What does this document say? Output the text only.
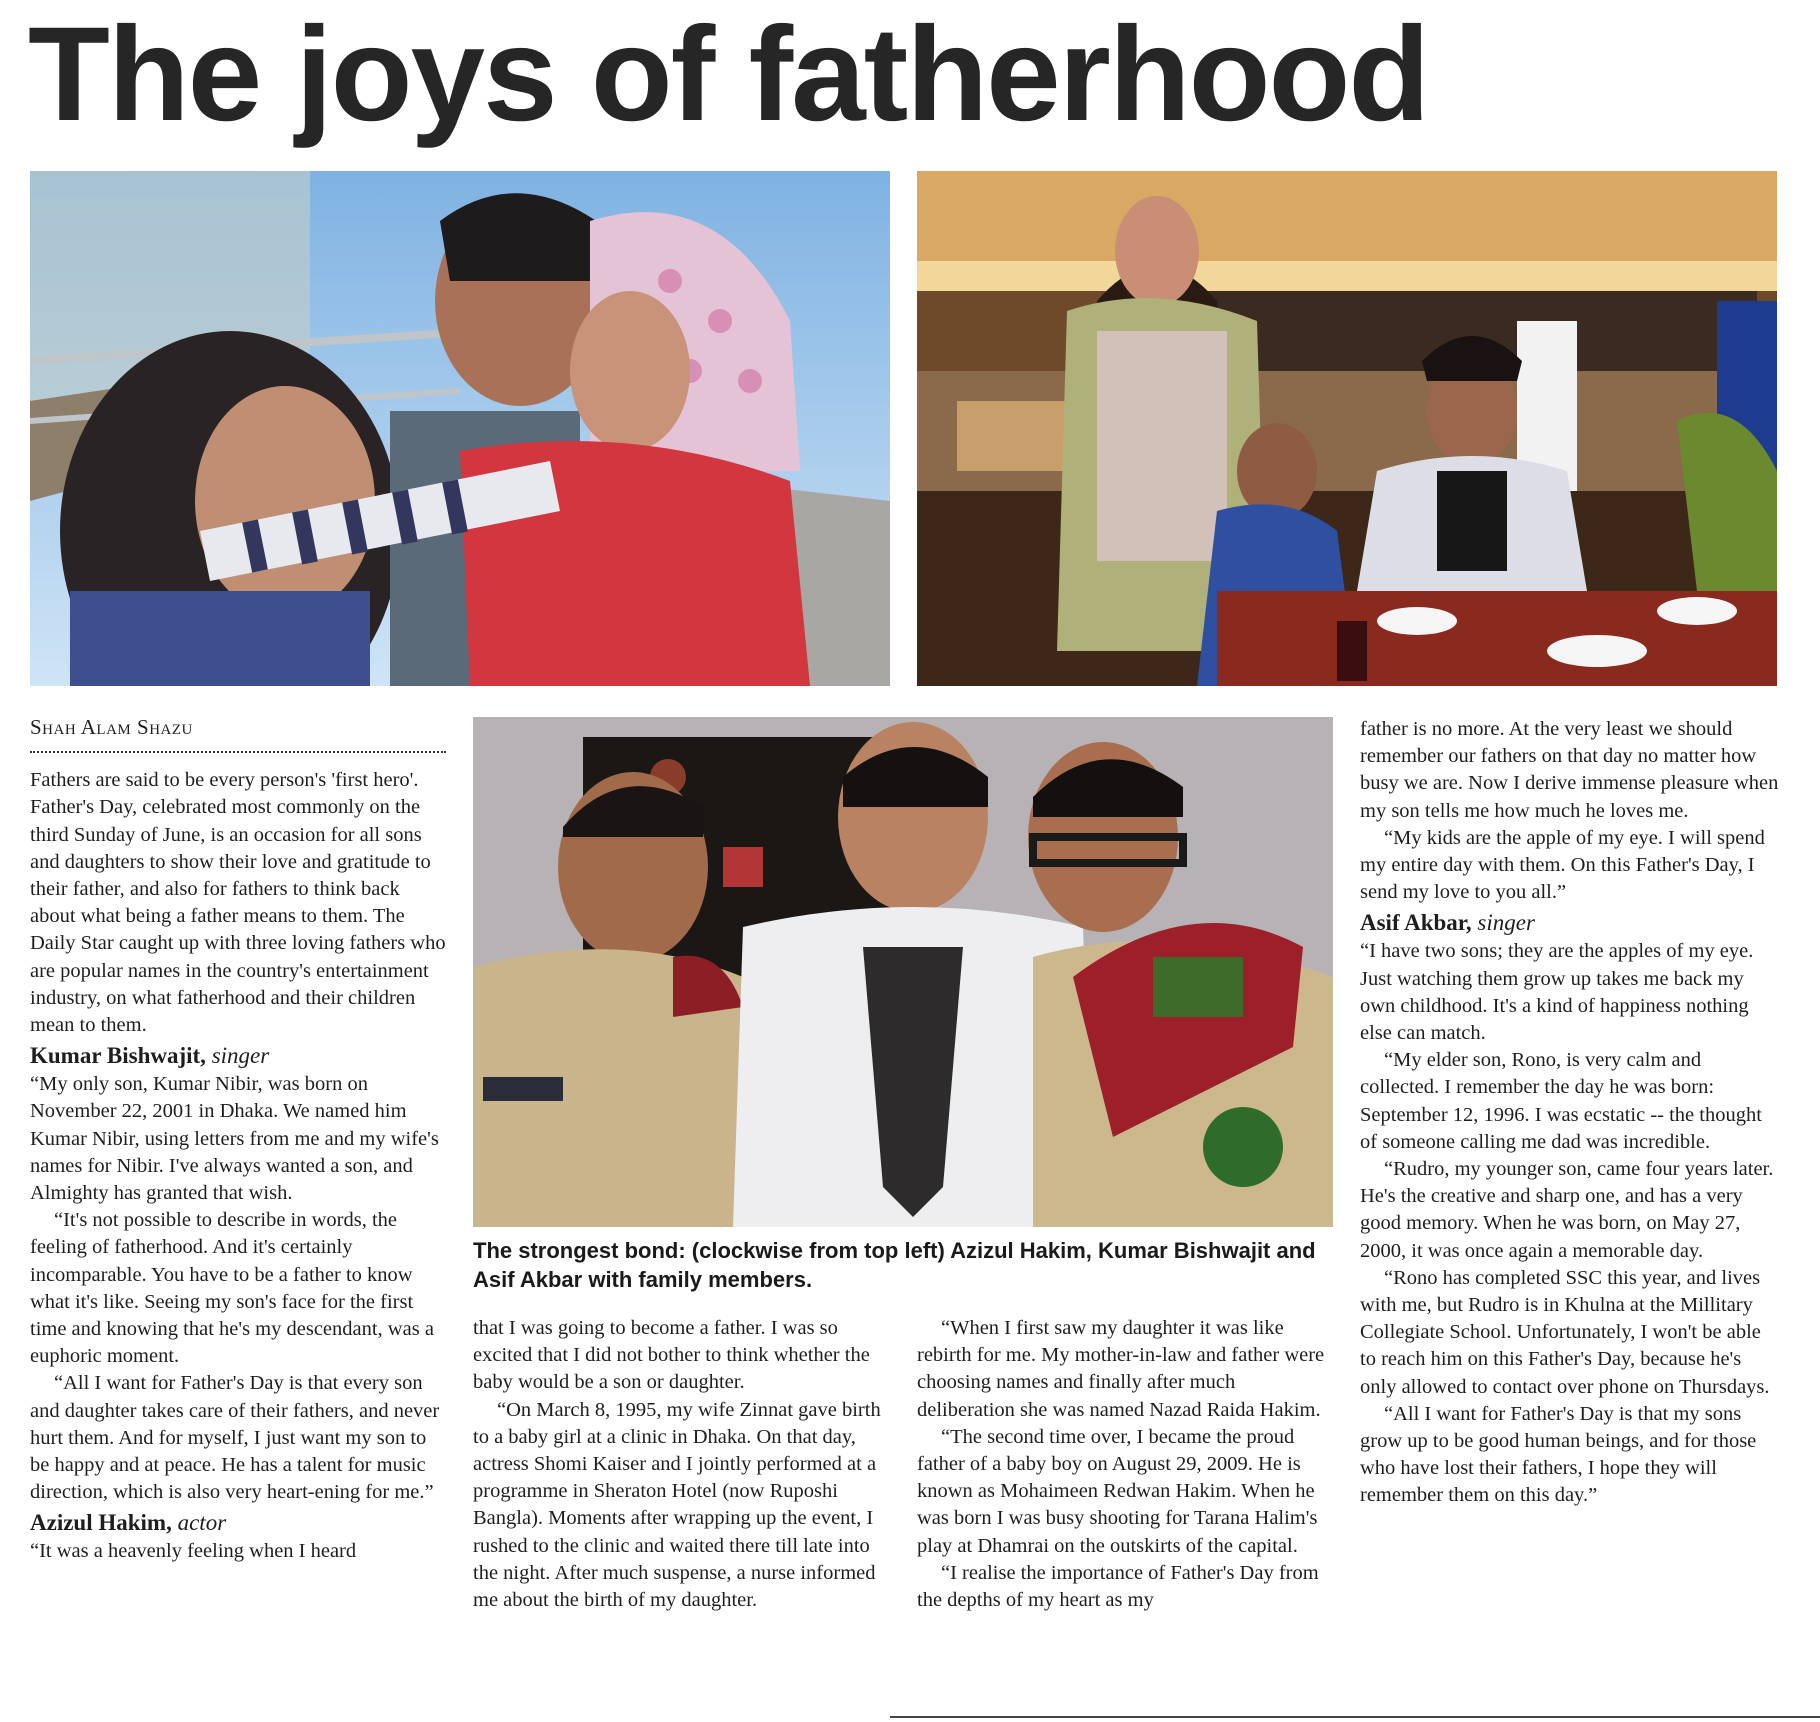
The joys of fatherhood
Shah Alam Shazu

Fathers are said to be every person's 'first hero'. Father's Day, celebrated most commonly on the third Sunday of June, is an occasion for all sons and daughters to show their love and gratitude to their father, and also for fathers to think back about what being a father means to them. The Daily Star caught up with three loving fathers who are popular names in the country's entertainment industry, on what fatherhood and their children mean to them.

Kumar Bishwajit, singer

“My only son, Kumar Nibir, was born on November 22, 2001 in Dhaka. We named him Kumar Nibir, using letters from me and my wife's names for Nibir. I've always wanted a son, and Almighty has granted that wish.

“It's not possible to describe in words, the feeling of fatherhood. And it's certainly incomparable. You have to be a father to know what it's like. Seeing my son's face for the first time and knowing that he's my descendant, was a euphoric moment.

“All I want for Father's Day is that every son and daughter takes care of their fathers, and never hurt them. And for myself, I just want my son to be happy and at peace. He has a talent for music direction, which is also very heart-ening for me.”

Azizul Hakim, actor

“It was a heavenly feeling when I heard

The strongest bond: (clockwise from top left) Azizul Hakim, Kumar Bishwajit and Asif Akbar with family members.

that I was going to become a father. I was so excited that I did not bother to think whether the baby would be a son or daughter.

“On March 8, 1995, my wife Zinnat gave birth to a baby girl at a clinic in Dhaka. On that day, actress Shomi Kaiser and I jointly performed at a programme in Sheraton Hotel (now Ruposhi Bangla). Moments after wrapping up the event, I rushed to the clinic and waited there till late into the night. After much suspense, a nurse informed me about the birth of my daughter.

“When I first saw my daughter it was like rebirth for me. My mother-in-law and father were choosing names and finally after much deliberation she was named Nazad Raida Hakim.

“The second time over, I became the proud father of a baby boy on August 29, 2009. He is known as Mohaimeen Redwan Hakim. When he was born I was busy shooting for Tarana Halim's play at Dhamrai on the outskirts of the capital.

“I realise the importance of Father's Day from the depths of my heart as my

father is no more. At the very least we should remember our fathers on that day no matter how busy we are. Now I derive immense pleasure when my son tells me how much he loves me.

“My kids are the apple of my eye. I will spend my entire day with them. On this Father's Day, I send my love to you all.”

Asif Akbar, singer

“I have two sons; they are the apples of my eye. Just watching them grow up takes me back my own childhood. It's a kind of happiness nothing else can match.

“My elder son, Rono, is very calm and collected. I remember the day he was born: September 12, 1996. I was ecstatic -- the thought of someone calling me dad was incredible.

“Rudro, my younger son, came four years later. He's the creative and sharp one, and has a very good memory. When he was born, on May 27, 2000, it was once again a memorable day.

“Rono has completed SSC this year, and lives with me, but Rudro is in Khulna at the Millitary Collegiate School. Unfortunately, I won't be able to reach him on this Father's Day, because he's only allowed to contact over phone on Thursdays.

“All I want for Father's Day is that my sons grow up to be good human beings, and for those who have lost their fathers, I hope they will remember them on this day.”
